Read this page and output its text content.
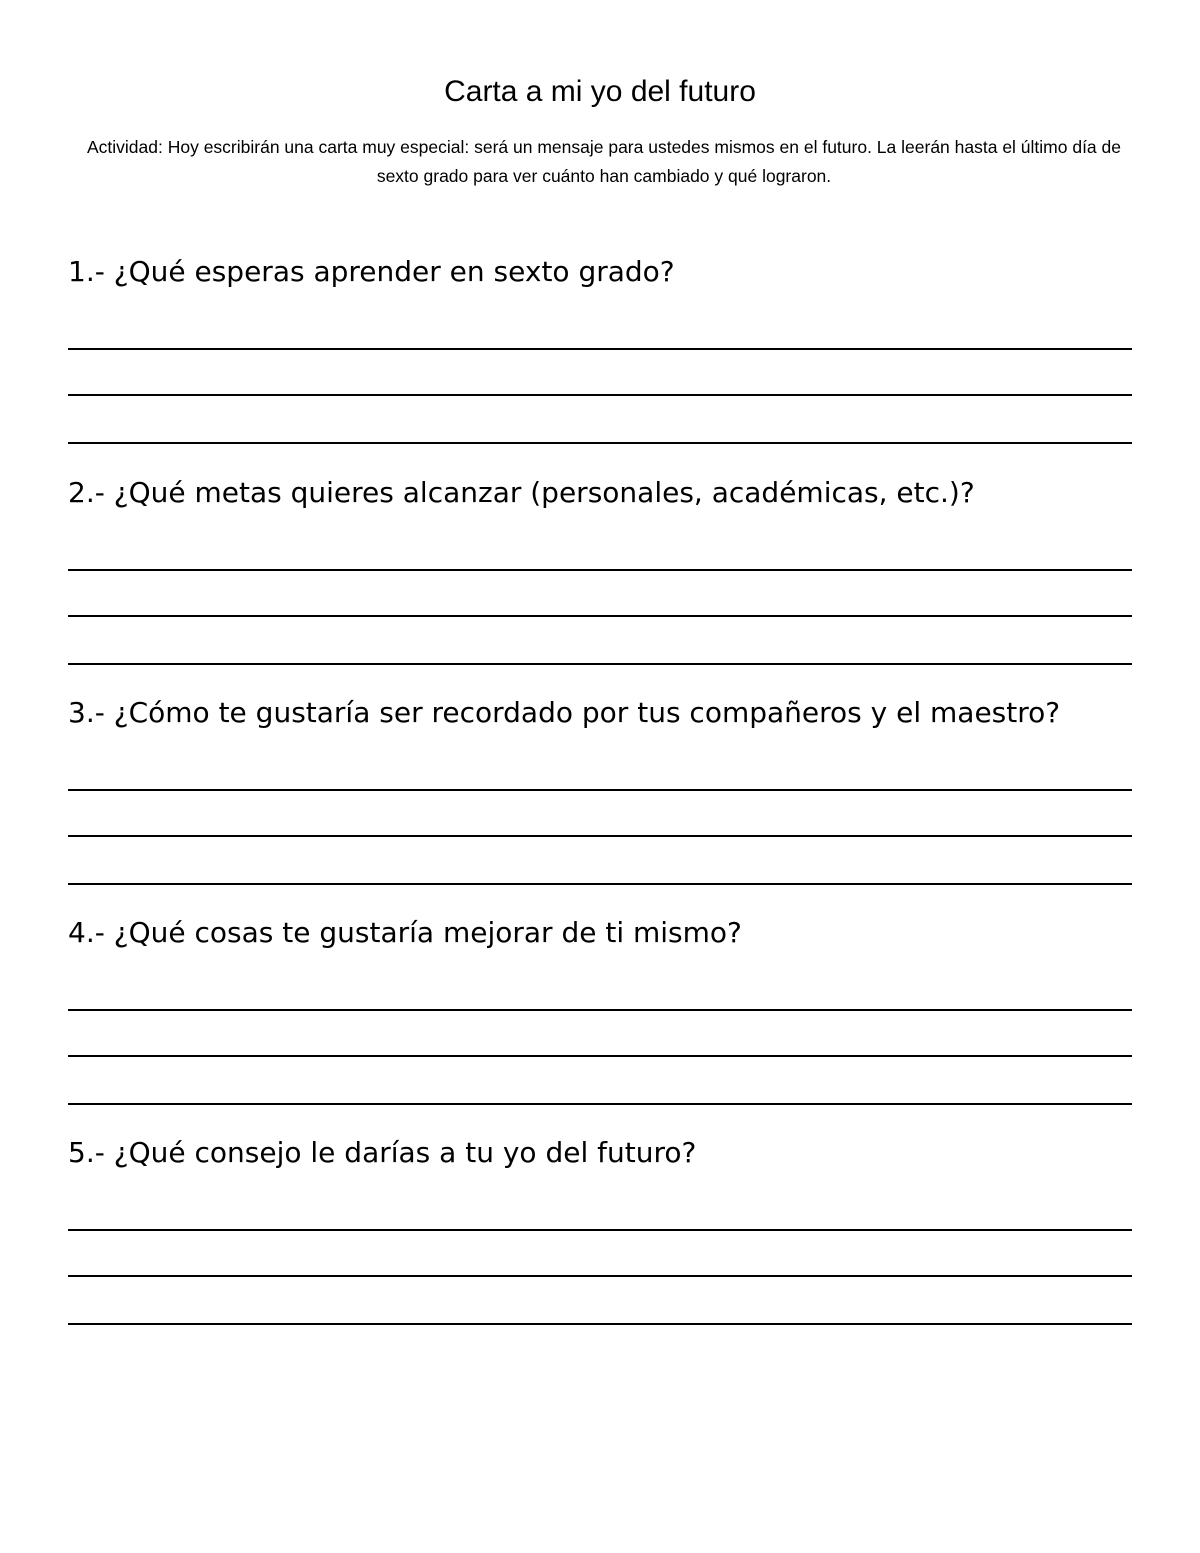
Carta a mi yo del futuro

Actividad: Hoy escribirán una carta muy especial: será un mensaje para ustedes mismos en el futuro. La leerán hasta el último día de sexto grado para ver cuánto han cambiado y qué lograron.

1.- ¿Qué esperas aprender en sexto grado?

2.- ¿Qué metas quieres alcanzar (personales, académicas, etc.)?

3.- ¿Cómo te gustaría ser recordado por tus compañeros y el maestro?

4.- ¿Qué cosas te gustaría mejorar de ti mismo?

5.- ¿Qué consejo le darías a tu yo del futuro?
